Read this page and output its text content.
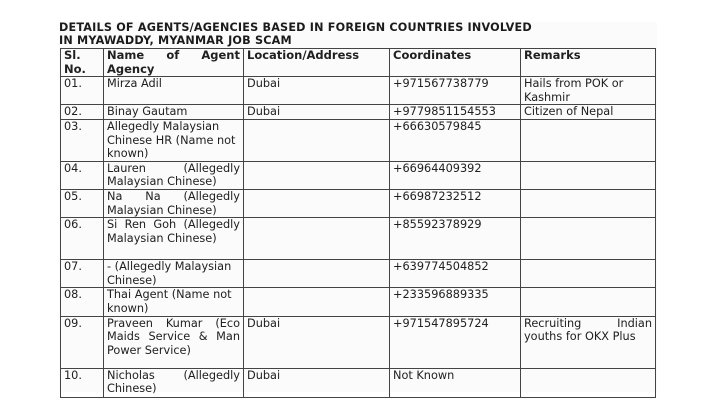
DETAILS OF AGENTS/AGENCIES BASED IN FOREIGN COUNTRIES INVOLVED
IN MYAWADDY, MYANMAR JOB SCAM
Sl. No.	Name of Agent Agency	Location/Address	Coordinates	Remarks
01.	Mirza Adil	Dubai	+971567738779	Hails from POK or Kashmir
02.	Binay Gautam	Dubai	+9779851154553	Citizen of Nepal
03.	Allegedly Malaysian Chinese HR (Name not known)		+66630579845	
04.	Lauren (Allegedly Malaysian Chinese)		+66964409392	
05.	Na Na (Allegedly Malaysian Chinese)		+66987232512	
06.	Si Ren Goh (Allegedly Malaysian Chinese)		+85592378929	
07.	- (Allegedly Malaysian Chinese)		+639774504852	
08.	Thai Agent (Name not known)		+233596889335	
09.	Praveen Kumar (Eco Maids Service & Man Power Service)	Dubai	+971547895724	Recruiting Indian youths for OKX Plus
10.	Nicholas (Allegedly Chinese)	Dubai	Not Known	
